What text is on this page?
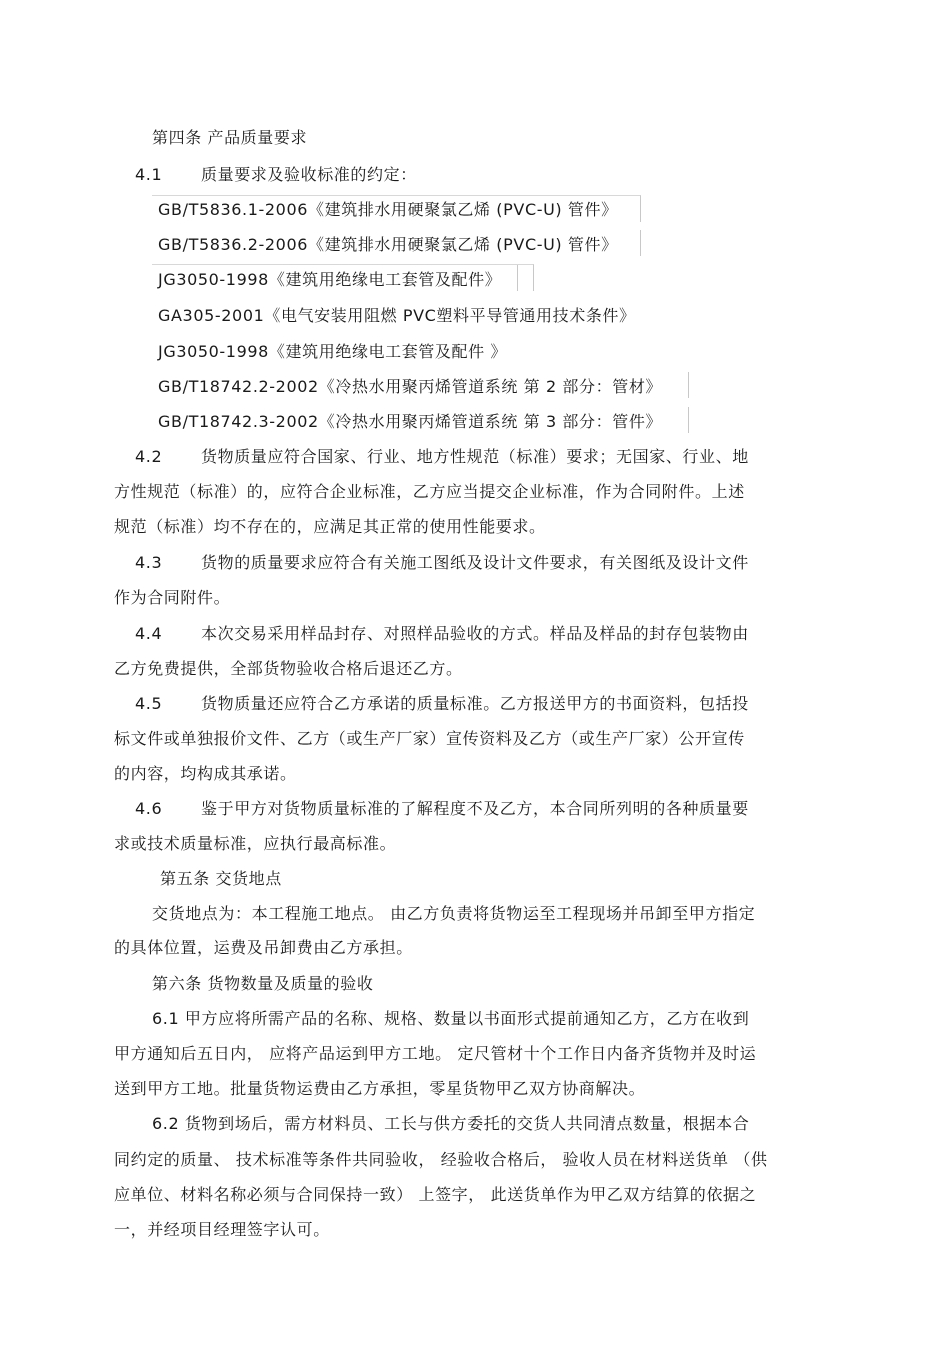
第四条 产品质量要求
4.1 质量要求及验收标准的约定：
GB/T5836.1-2006《建筑排水用硬聚氯乙烯 (PVC-U) 管件》
GB/T5836.2-2006《建筑排水用硬聚氯乙烯 (PVC-U) 管件》
JG3050-1998《建筑用绝缘电工套管及配件》
GA305-2001《电气安装用阻燃 PVC塑料平导管通用技术条件》
JG3050-1998《建筑用绝缘电工套管及配件 》
GB/T18742.2-2002《冷热水用聚丙烯管道系统 第 2 部分：管材》
GB/T18742.3-2002《冷热水用聚丙烯管道系统 第 3 部分：管件》
4.2 货物质量应符合国家、行业、地方性规范（标准）要求；无国家、行业、地
方性规范（标准）的，应符合企业标准，乙方应当提交企业标准，作为合同附件。上述
规范（标准）均不存在的，应满足其正常的使用性能要求。
4.3 货物的质量要求应符合有关施工图纸及设计文件要求，有关图纸及设计文件
作为合同附件。
4.4 本次交易采用样品封存、对照样品验收的方式。样品及样品的封存包装物由
乙方免费提供，全部货物验收合格后退还乙方。
4.5 货物质量还应符合乙方承诺的质量标准。乙方报送甲方的书面资料，包括投
标文件或单独报价文件、乙方（或生产厂家）宣传资料及乙方（或生产厂家）公开宣传
的内容，均构成其承诺。
4.6 鉴于甲方对货物质量标准的了解程度不及乙方，本合同所列明的各种质量要
求或技术质量标准，应执行最高标准。
第五条 交货地点
交货地点为：本工程施工地点。 由乙方负责将货物运至工程现场并吊卸至甲方指定
的具体位置，运费及吊卸费由乙方承担。
第六条 货物数量及质量的验收
6.1 甲方应将所需产品的名称、规格、数量以书面形式提前通知乙方，乙方在收到
甲方通知后五日内， 应将产品运到甲方工地。 定尺管材十个工作日内备齐货物并及时运
送到甲方工地。批量货物运费由乙方承担，零星货物甲乙双方协商解决。
6.2 货物到场后，需方材料员、工长与供方委托的交货人共同清点数量，根据本合
同约定的质量、 技术标准等条件共同验收， 经验收合格后， 验收人员在材料送货单 （供
应单位、材料名称必须与合同保持一致） 上签字， 此送货单作为甲乙双方结算的依据之
一，并经项目经理签字认可。
